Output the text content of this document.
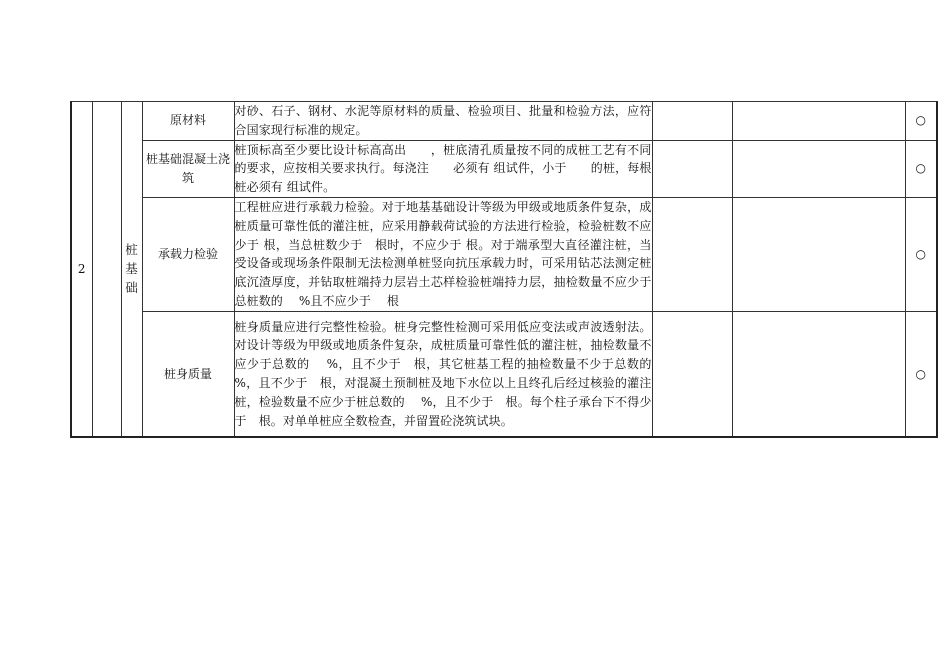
2		桩基础	原材料	对砂、石子、钢材、水泥等原材料的质量、检验项目、批量和检验方法，应符合国家现行标准的规定。			○
			桩基础混凝土浇筑	桩顶标高至少要比设计标高高出　　，桩底清孔质量按不同的成桩工艺有不同的要求，应按相关要求执行。每浇注　　必须有 组试件，小于　　的桩，每根桩必须有 组试件。			○
			承载力检验	工程桩应进行承载力检验。对于地基基础设计等级为甲级或地质条件复杂，成桩质量可靠性低的灌注桩，应采用静载荷试验的方法进行检验，检验桩数不应少于 根，当总桩数少于　根时，不应少于 根。对于端承型大直径灌注桩，当受设备或现场条件限制无法检测单桩竖向抗压承载力时，可采用钻芯法测定桩底沉渣厚度，并钻取桩端持力层岩土芯样检验桩端持力层，抽检数量不应少于总桩数的　 %且不应少于　 根			○
			桩身质量	桩身质量应进行完整性检验。桩身完整性检测可采用低应变法或声波透射法。对设计等级为甲级或地质条件复杂，成桩质量可靠性低的灌注桩，抽检数量不应少于总数的　 %，且不少于　根，其它桩基工程的抽检数量不少于总数的　 %，且不少于　根，对混凝土预制桩及地下水位以上且终孔后经过核验的灌注桩，检验数量不应少于桩总数的　 %，且不少于　根。每个柱子承台下不得少于　根。对单单桩应全数检查，并留置砼浇筑试块。			○
